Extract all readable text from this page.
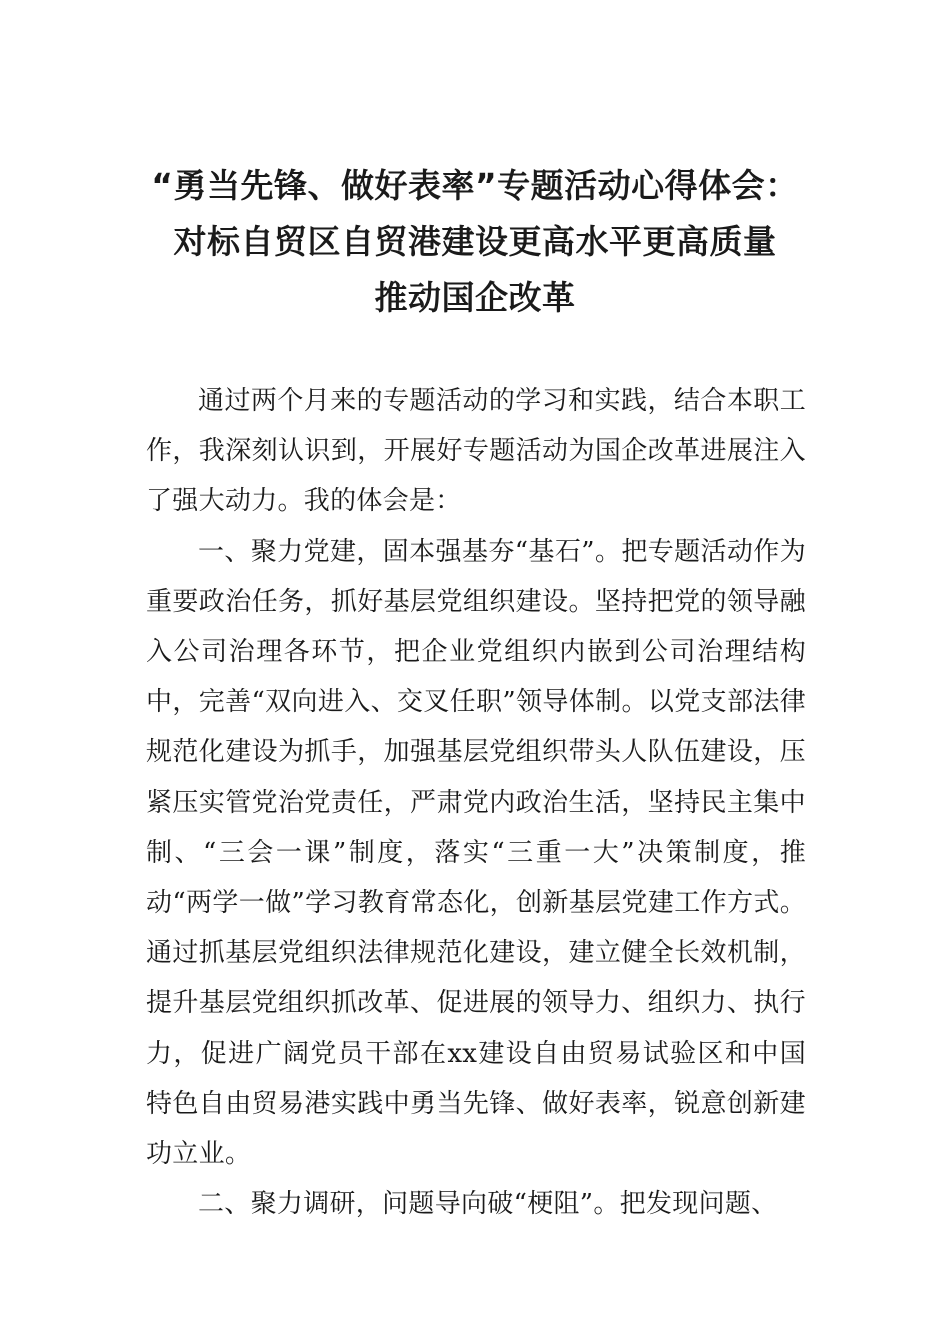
“勇当先锋、做好表率”专题活动心得体会：
对标自贸区自贸港建设更高水平更高质量
推动国企改革

通过两个月来的专题活动的学习和实践，结合本职工作，我深刻认识到，开展好专题活动为国企改革进展注入了强大动力。我的体会是：

一、聚力党建，固本强基夯“基石”。把专题活动作为重要政治任务，抓好基层党组织建设。坚持把党的领导融入公司治理各环节，把企业党组织内嵌到公司治理结构中，完善“双向进入、交叉任职”领导体制。以党支部法律规范化建设为抓手，加强基层党组织带头人队伍建设，压紧压实管党治党责任，严肃党内政治生活，坚持民主集中制、“三会一课”制度，落实“三重一大”决策制度，推动“两学一做”学习教育常态化，创新基层党建工作方式。通过抓基层党组织法律规范化建设，建立健全长效机制，提升基层党组织抓改革、促进展的领导力、组织力、执行力，促进广阔党员干部在xx建设自由贸易试验区和中国特色自由贸易港实践中勇当先锋、做好表率，锐意创新建功立业。

二、聚力调研，问题导向破“梗阻”。把发现问题、
